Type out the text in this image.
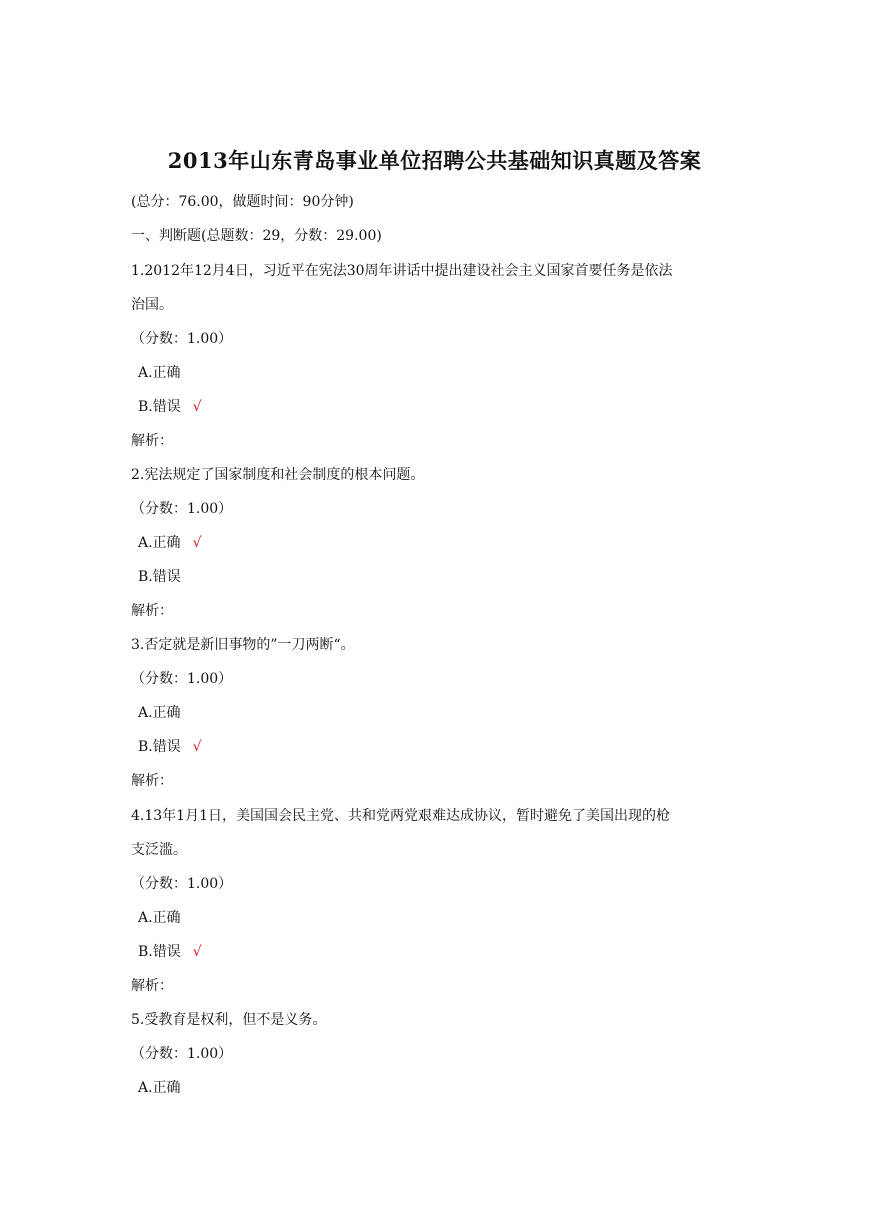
2013年山东青岛事业单位招聘公共基础知识真题及答案
(总分：76.00，做题时间：90分钟)
一、判断题(总题数：29，分数：29.00)
1.2012年12月4日，习近平在宪法30周年讲话中提出建设社会主义国家首要任务是依法
治国。
（分数：1.00）
A.正确
B.错误 √
解析：
2.宪法规定了国家制度和社会制度的根本问题。
（分数：1.00）
A.正确 √
B.错误
解析：
3.否定就是新旧事物的”一刀两断“。
（分数：1.00）
A.正确
B.错误 √
解析：
4.13年1月1日，美国国会民主党、共和党两党艰难达成协议，暂时避免了美国出现的枪
支泛滥。
（分数：1.00）
A.正确
B.错误 √
解析：
5.受教育是权利，但不是义务。
（分数：1.00）
A.正确
